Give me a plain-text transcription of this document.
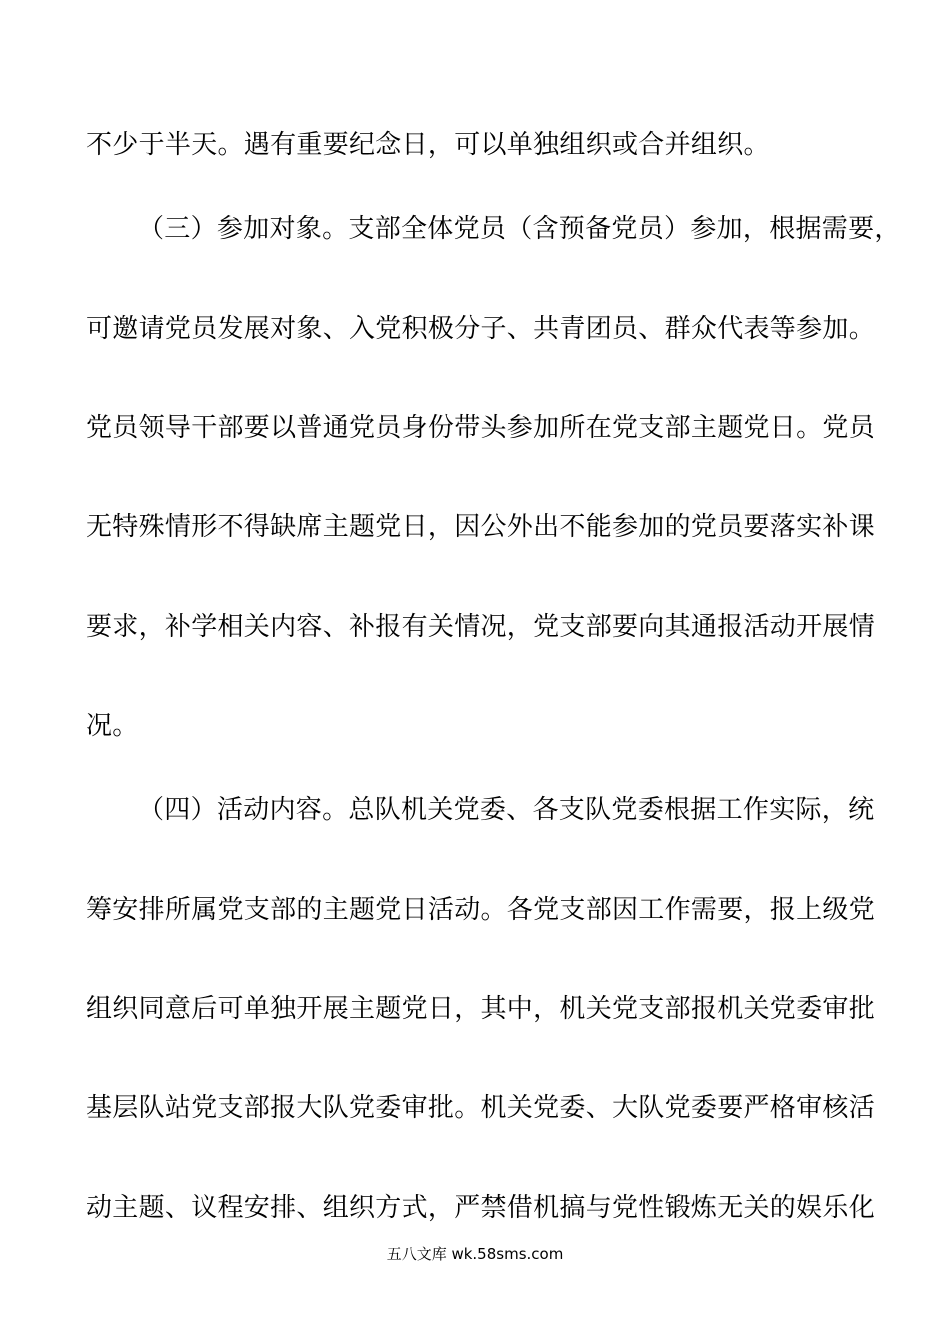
不少于半天。遇有重要纪念日，可以单独组织或合并组织。
（三）参加对象。支部全体党员（含预备党员）参加，根据需要，
可邀请党员发展对象、入党积极分子、共青团员、群众代表等参加。
党员领导干部要以普通党员身份带头参加所在党支部主题党日。党员
无特殊情形不得缺席主题党日，因公外出不能参加的党员要落实补课
要求，补学相关内容、补报有关情况，党支部要向其通报活动开展情
况。
（四）活动内容。总队机关党委、各支队党委根据工作实际，统
筹安排所属党支部的主题党日活动。各党支部因工作需要，报上级党
组织同意后可单独开展主题党日，其中，机关党支部报机关党委审批
基层队站党支部报大队党委审批。机关党委、大队党委要严格审核活
动主题、议程安排、组织方式，严禁借机搞与党性锻炼无关的娱乐化
五八文库 wk.58sms.com
